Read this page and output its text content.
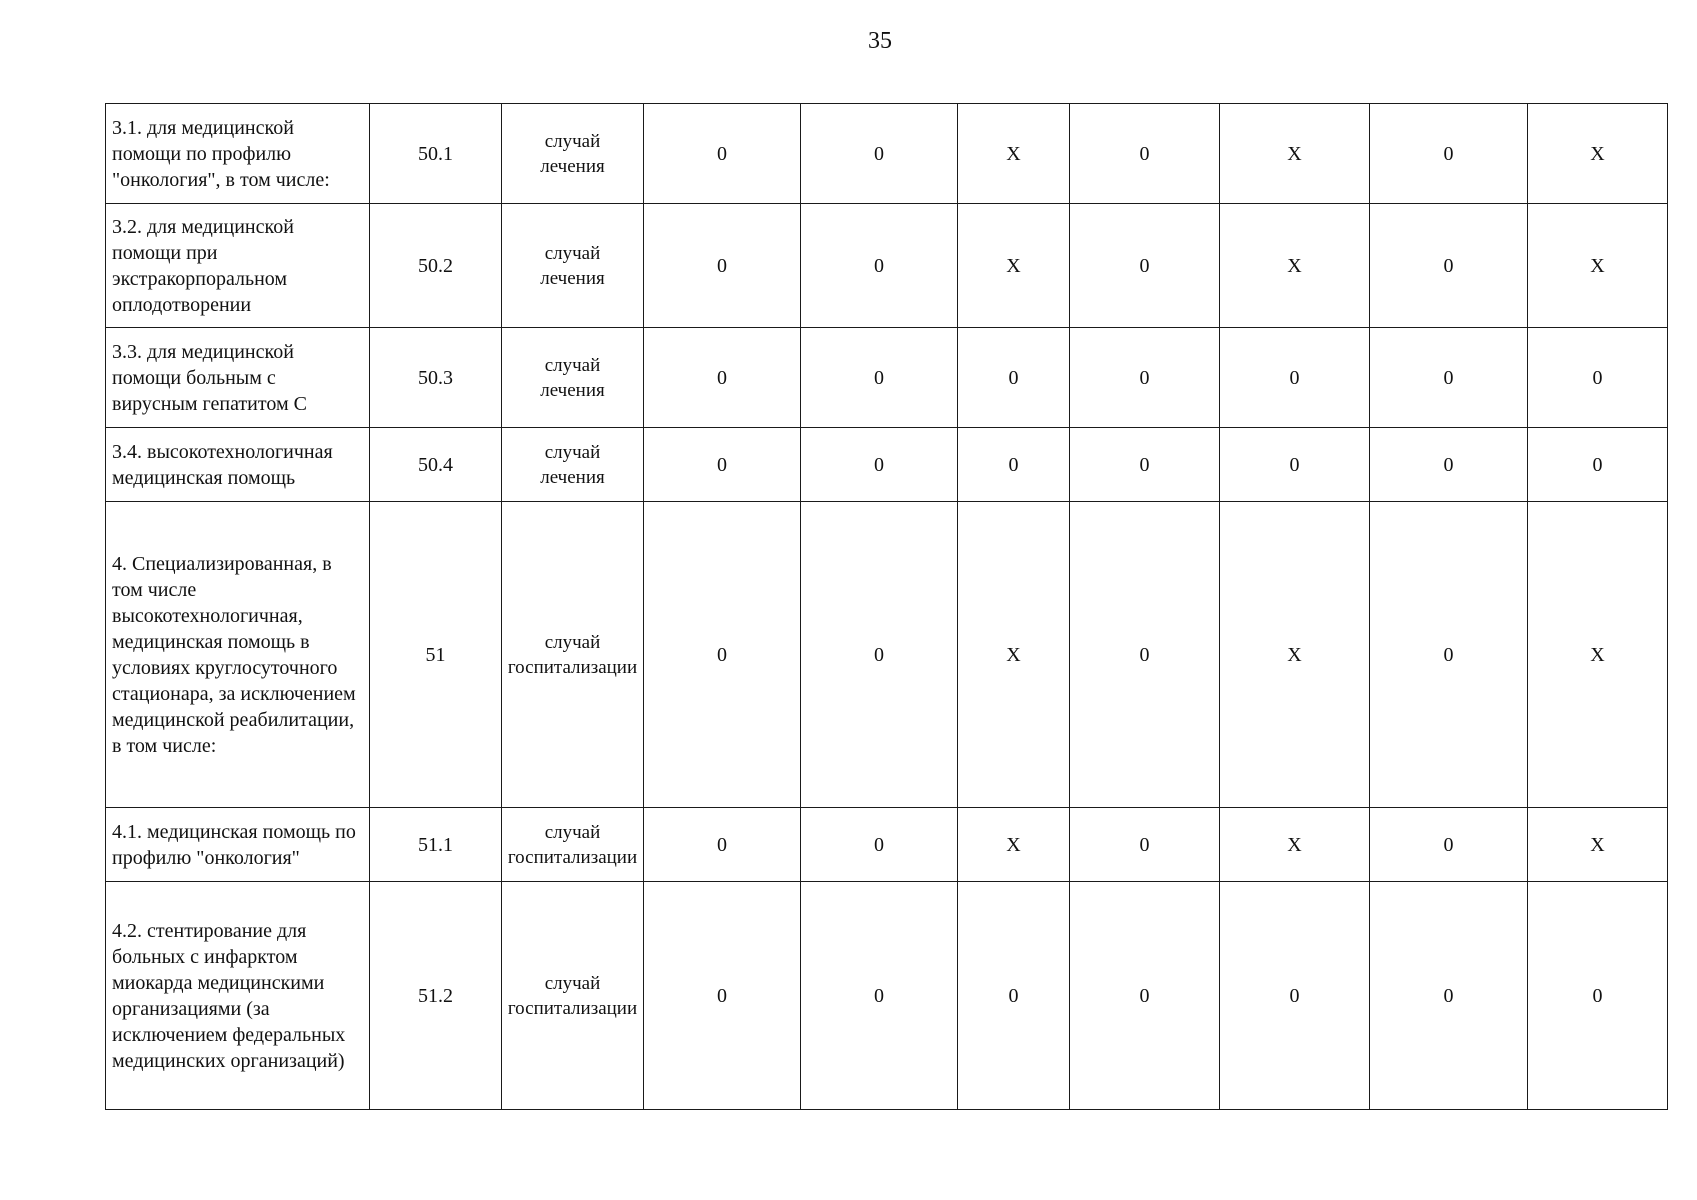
35
3.1. для медицинской помощи по профилю "онкология", в том числе:	50.1	случай лечения	0	0	X	0	X	0	X

3.2. для медицинской помощи при экстракорпоральном оплодотворении	50.2	случай лечения	0	0	X	0	X	0	X

3.3. для медицинской помощи больным с вирусным гепатитом С	50.3	случай лечения	0	0	0	0	0	0	0

3.4. высокотехнологичная медицинская помощь	50.4	случай лечения	0	0	0	0	0	0	0

4. Специализированная, в том числе высокотехнологичная, медицинская помощь в условиях круглосуточного стационара, за исключением медицинской реабилитации, в том числе:	51	случай госпитализации	0	0	X	0	X	0	X

4.1. медицинская помощь по профилю "онкология"	51.1	случай госпитализации	0	0	X	0	X	0	X

4.2. стентирование для больных с инфарктом миокарда медицинскими организациями (за исключением федеральных медицинских организаций)	51.2	случай госпитализации	0	0	0	0	0	0	0
